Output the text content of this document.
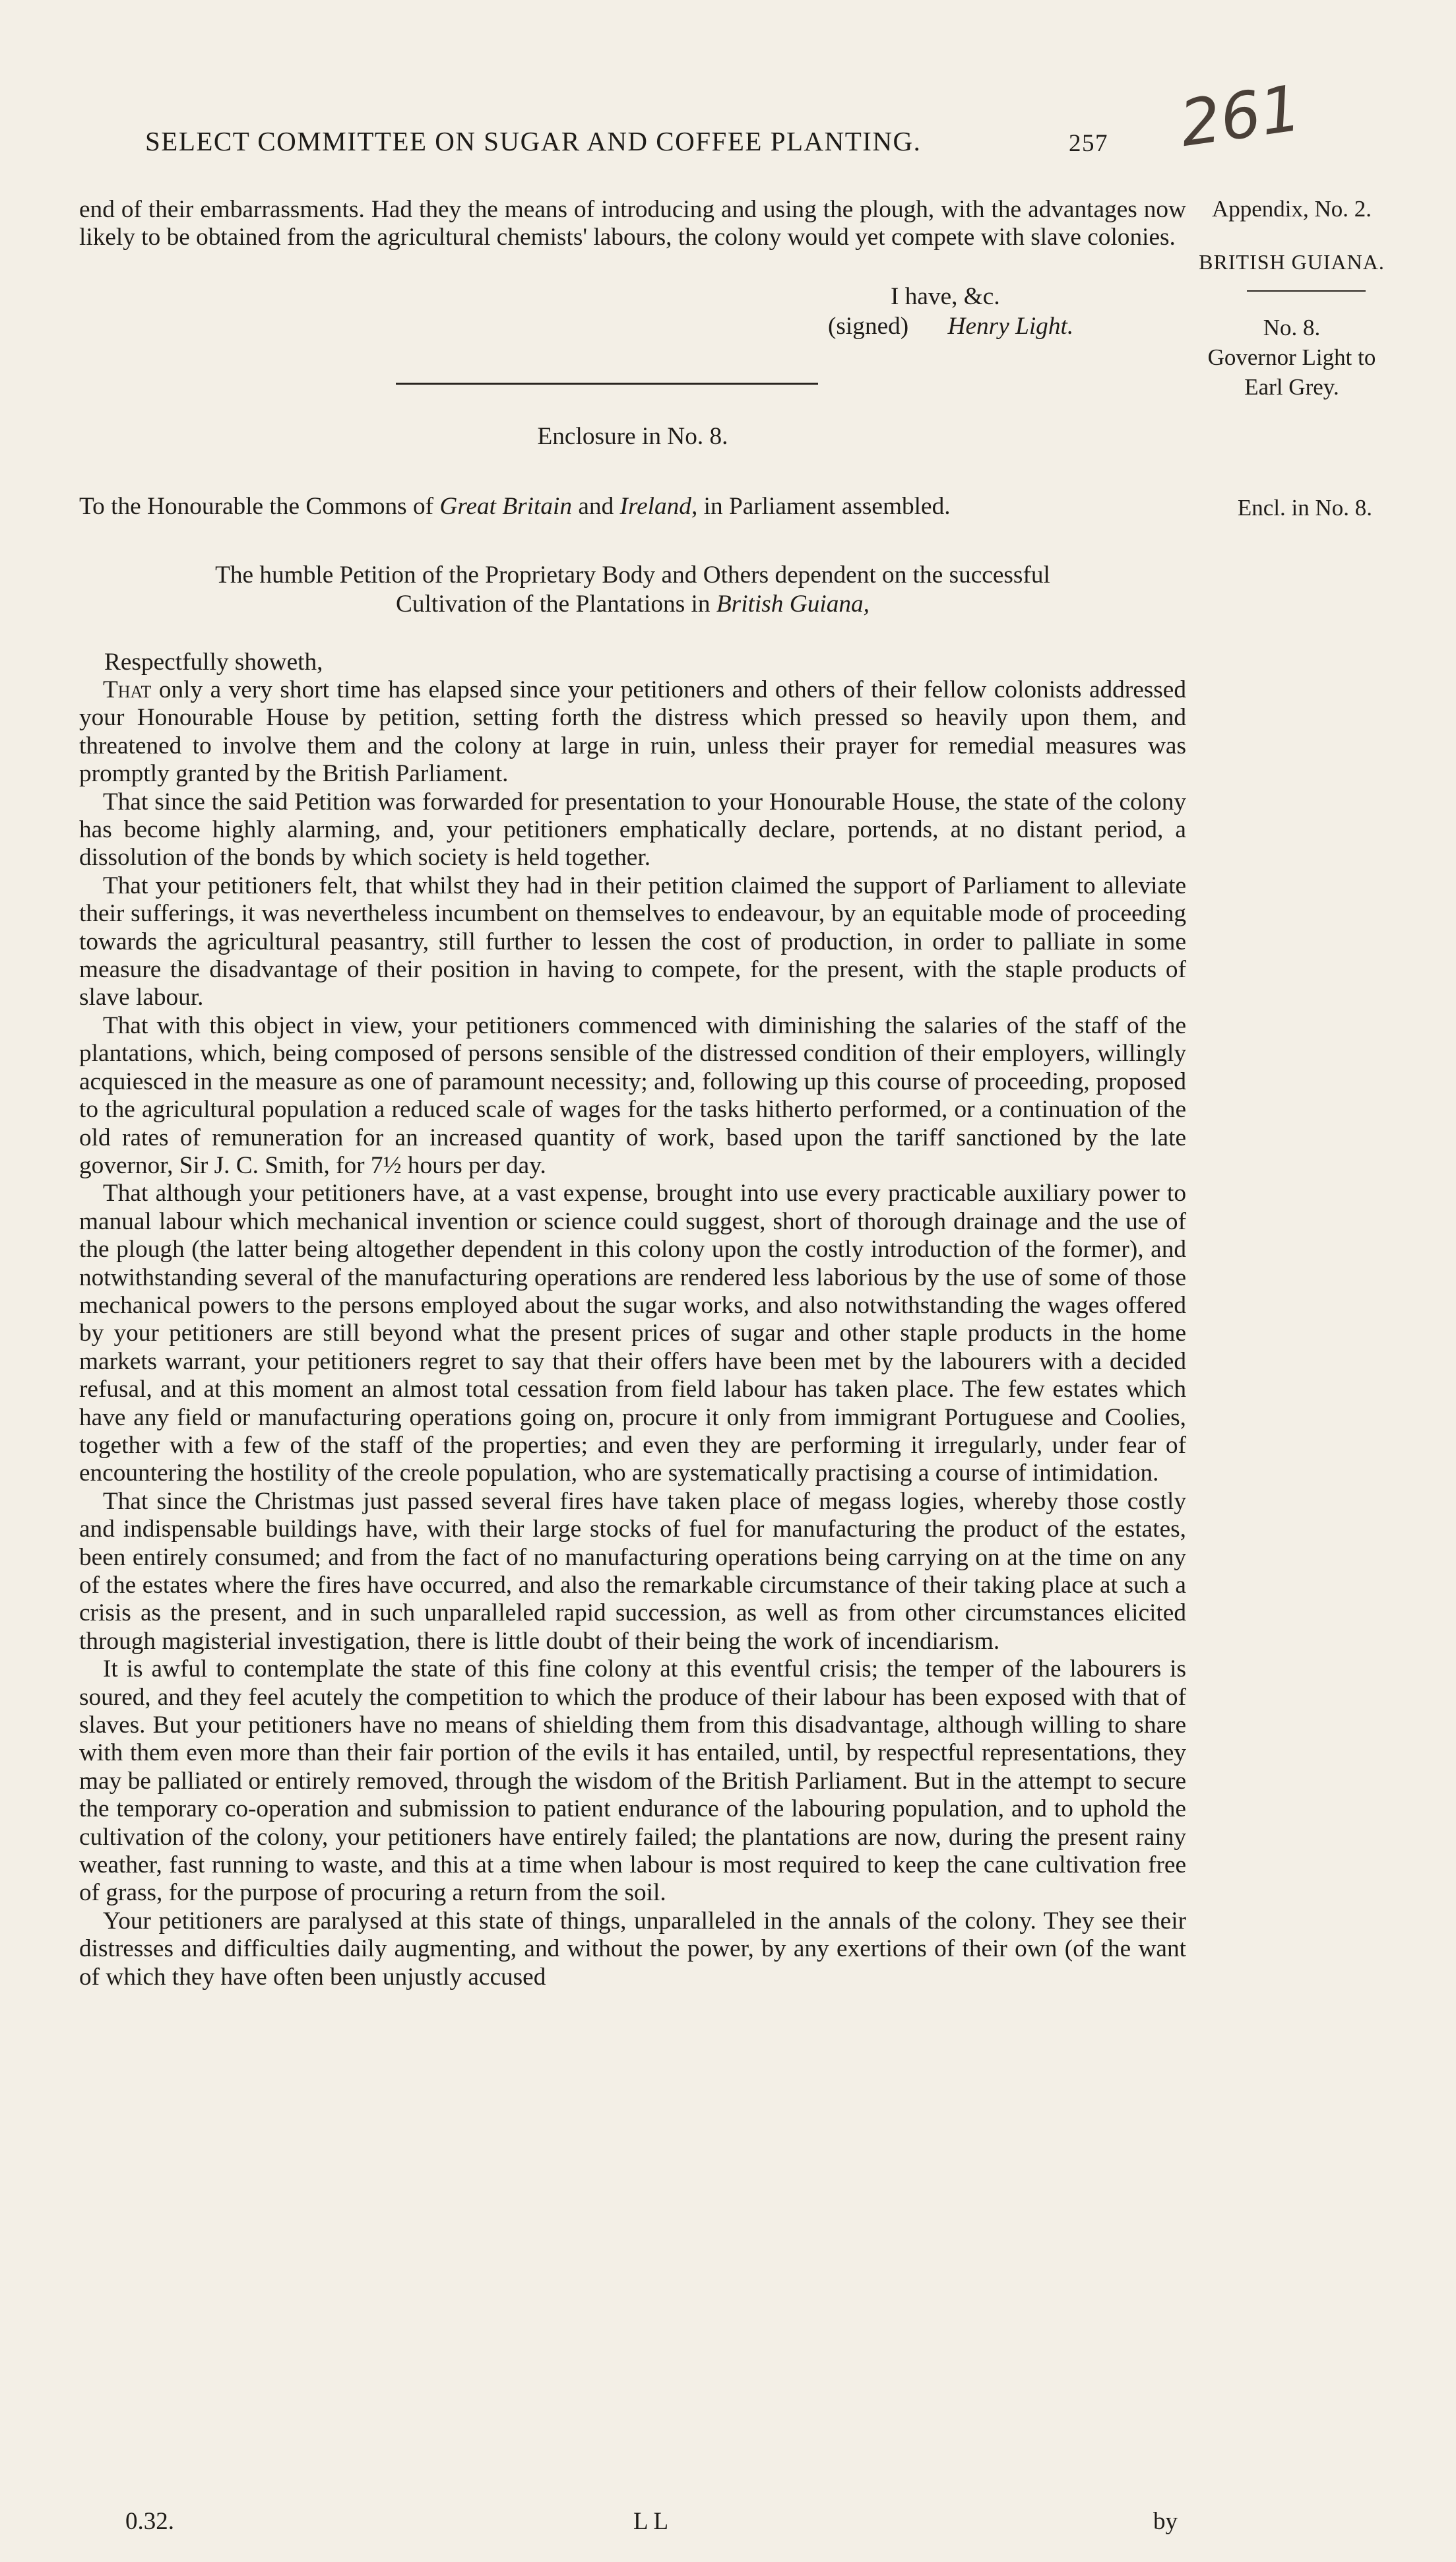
SELECT COMMITTEE ON SUGAR AND COFFEE PLANTING.	257 261
Appendix, No. 2.
BRITISH GUIANA.
No. 8.
Governor Light to
Earl Grey.
Encl. in No. 8.

end of their embarrassments. Had they the means of introducing and using the plough, with the advantages now likely to be obtained from the agricultural chemists' labours, the colony would yet compete with slave colonies.

I have, &c.
(signed) Henry Light.
Enclosure in No. 8.
To the Honourable the Commons of Great Britain and Ireland, in Parliament assembled.
The humble Petition of the Proprietary Body and Others dependent on the successful
Cultivation of the Plantations in British Guiana,
Respectfully showeth,

That only a very short time has elapsed since your petitioners and others of their fellow colonists addressed your Honourable House by petition, setting forth the distress which pressed so heavily upon them, and threatened to involve them and the colony at large in ruin, unless their prayer for remedial measures was promptly granted by the British Parliament.

That since the said Petition was forwarded for presentation to your Honourable House, the state of the colony has become highly alarming, and, your petitioners emphatically declare, portends, at no distant period, a dissolution of the bonds by which society is held together.

That your petitioners felt, that whilst they had in their petition claimed the support of Parliament to alleviate their sufferings, it was nevertheless incumbent on themselves to endeavour, by an equitable mode of proceeding towards the agricultural peasantry, still further to lessen the cost of production, in order to palliate in some measure the disadvantage of their position in having to compete, for the present, with the staple products of slave labour.

That with this object in view, your petitioners commenced with diminishing the salaries of the staff of the plantations, which, being composed of persons sensible of the distressed condition of their employers, willingly acquiesced in the measure as one of paramount necessity; and, following up this course of proceeding, proposed to the agricultural population a reduced scale of wages for the tasks hitherto performed, or a continuation of the old rates of remuneration for an increased quantity of work, based upon the tariff sanctioned by the late governor, Sir J. C. Smith, for 7½ hours per day.

That although your petitioners have, at a vast expense, brought into use every practicable auxiliary power to manual labour which mechanical invention or science could suggest, short of thorough drainage and the use of the plough (the latter being altogether dependent in this colony upon the costly introduction of the former), and notwithstanding several of the manufacturing operations are rendered less laborious by the use of some of those mechanical powers to the persons employed about the sugar works, and also notwithstanding the wages offered by your petitioners are still beyond what the present prices of sugar and other staple products in the home markets warrant, your petitioners regret to say that their offers have been met by the labourers with a decided refusal, and at this moment an almost total cessation from field labour has taken place. The few estates which have any field or manufacturing operations going on, procure it only from immigrant Portuguese and Coolies, together with a few of the staff of the properties; and even they are performing it irregularly, under fear of encountering the hostility of the creole population, who are systematically practising a course of intimidation.

That since the Christmas just passed several fires have taken place of megass logies, whereby those costly and indispensable buildings have, with their large stocks of fuel for manufacturing the product of the estates, been entirely consumed; and from the fact of no manufacturing operations being carrying on at the time on any of the estates where the fires have occurred, and also the remarkable circumstance of their taking place at such a crisis as the present, and in such unparalleled rapid succession, as well as from other circumstances elicited through magisterial investigation, there is little doubt of their being the work of incendiarism.

It is awful to contemplate the state of this fine colony at this eventful crisis; the temper of the labourers is soured, and they feel acutely the competition to which the produce of their labour has been exposed with that of slaves. But your petitioners have no means of shielding them from this disadvantage, although willing to share with them even more than their fair portion of the evils it has entailed, until, by respectful representations, they may be palliated or entirely removed, through the wisdom of the British Parliament. But in the attempt to secure the temporary co-operation and submission to patient endurance of the labouring population, and to uphold the cultivation of the colony, your petitioners have entirely failed; the plantations are now, during the present rainy weather, fast running to waste, and this at a time when labour is most required to keep the cane cultivation free of grass, for the purpose of procuring a return from the soil.

Your petitioners are paralysed at this state of things, unparalleled in the annals of the colony. They see their distresses and difficulties daily augmenting, and without the power, by any exertions of their own (of the want of which they have often been unjustly accused

0.32.	L L	by
